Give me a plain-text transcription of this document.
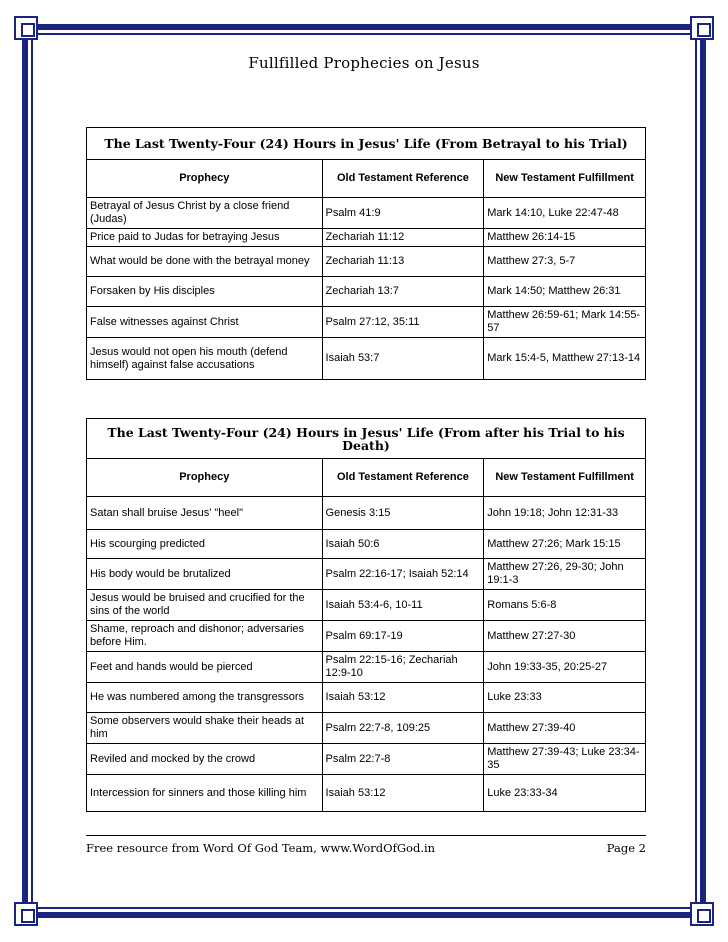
Fullfilled Prophecies on Jesus
The Last Twenty-Four (24) Hours in Jesus' Life (From Betrayal to his Trial)		
Prophecy	Old Testament Reference	New Testament Fulfillment
Betrayal of Jesus Christ by a close friend (Judas)	Psalm 41:9	Mark 14:10, Luke 22:47-48
Price paid to Judas for betraying Jesus	Zechariah 11:12	Matthew 26:14-15
What would be done with the betrayal money	Zechariah 11:13	Matthew 27:3, 5-7
Forsaken by His disciples	Zechariah 13:7	Mark 14:50; Matthew 26:31
False witnesses against Christ	Psalm 27:12, 35:11	Matthew 26:59-61; Mark 14:55-57
Jesus would not open his mouth (defend himself) against false accusations	Isaiah 53:7	Mark 15:4-5, Matthew 27:13-14
The Last Twenty-Four (24) Hours in Jesus' Life (From after his Trial to his Death)		
Prophecy	Old Testament Reference	New Testament Fulfillment
Satan shall bruise Jesus' "heel"	Genesis 3:15	John 19:18; John 12:31-33
His scourging predicted	Isaiah 50:6	Matthew 27:26; Mark 15:15
His body would be brutalized	Psalm 22:16-17; Isaiah 52:14	Matthew 27:26, 29-30; John 19:1-3
Jesus would be bruised and crucified for the sins of the world	Isaiah 53:4-6, 10-11	Romans 5:6-8
Shame, reproach and dishonor; adversaries before Him.	Psalm 69:17-19	Matthew 27:27-30
Feet and hands would be pierced	Psalm 22:15-16; Zechariah 12:9-10	John 19:33-35, 20:25-27
He was numbered among the transgressors	Isaiah 53:12	Luke 23:33
Some observers would shake their heads at him	Psalm 22:7-8, 109:25	Matthew 27:39-40
Reviled and mocked by the crowd	Psalm 22:7-8	Matthew 27:39-43; Luke 23:34-35
Intercession for sinners and those killing him	Isaiah 53:12	Luke 23:33-34
Free resource from Word Of God Team, www.WordOfGod.in	Page 2
